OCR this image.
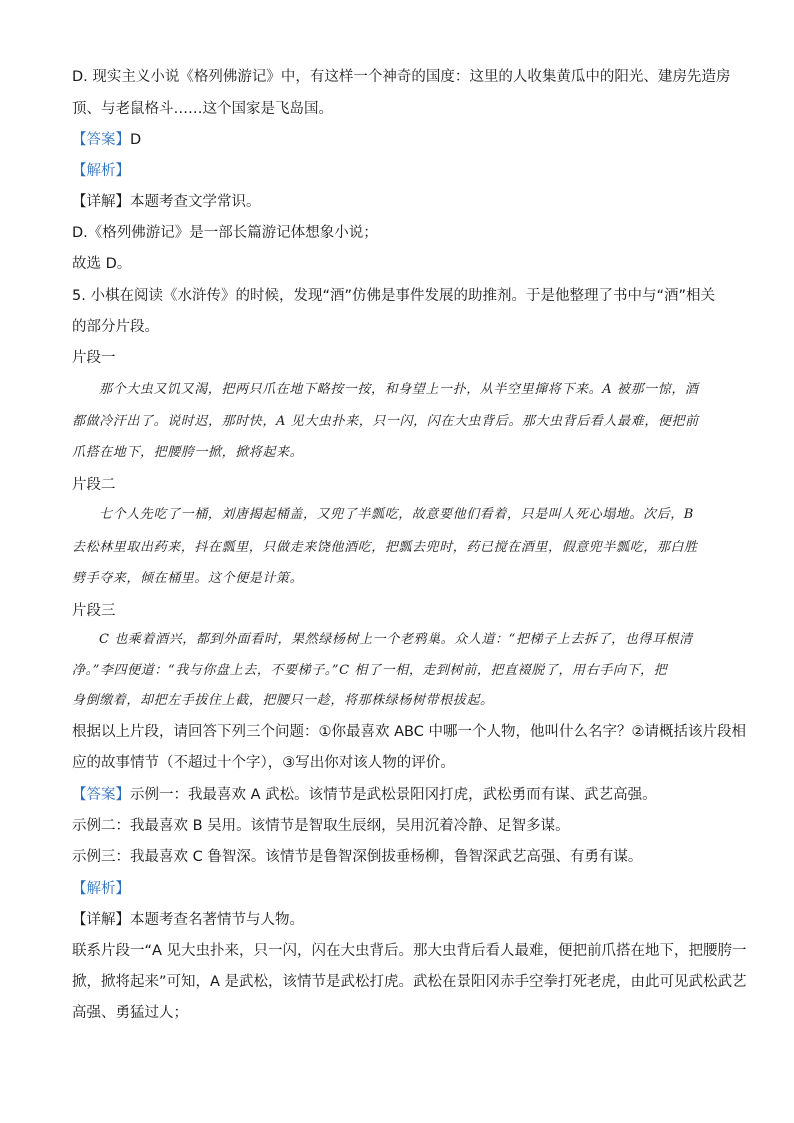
D. 现实主义小说《格列佛游记》中，有这样一个神奇的国度：这里的人收集黄瓜中的阳光、建房先造房
顶、与老鼠格斗……这个国家是飞岛国。
【答案】D
【解析】
【详解】本题考查文学常识。
D.《格列佛游记》是一部长篇游记体想象小说；
故选 D。
5. 小棋在阅读《水浒传》的时候，发现“酒”仿佛是事件发展的助推剂。于是他整理了书中与“酒”相关
的部分片段。
片段一
那个大虫又饥又渴，把两只爪在地下略按一按，和身望上一扑，从半空里撺将下来。A 被那一惊，酒
都做冷汗出了。说时迟，那时快，A 见大虫扑来，只一闪，闪在大虫背后。那大虫背后看人最难，便把前
爪搭在地下，把腰胯一掀，掀将起来。
片段二
七个人先吃了一桶，刘唐揭起桶盖，又兜了半瓢吃，故意要他们看着，只是叫人死心塌地。次后，B
去松林里取出药来，抖在瓢里，只做走来饶他酒吃，把瓢去兜时，药已搅在酒里，假意兜半瓢吃，那白胜
劈手夺来，倾在桶里。这个便是计策。
片段三
C 也乘着酒兴，都到外面看时，果然绿杨树上一个老鸦巢。众人道：“把梯子上去拆了，也得耳根清
净。”李四便道：“我与你盘上去，不要梯子。”C 相了一相，走到树前，把直裰脱了，用右手向下，把
身倒缴着，却把左手拔住上截，把腰只一趁，将那株绿杨树带根拔起。
根据以上片段，请回答下列三个问题：①你最喜欢 ABC 中哪一个人物，他叫什么名字？②请概括该片段相
应的故事情节（不超过十个字），③写出你对该人物的评价。
【答案】示例一：我最喜欢 A 武松。该情节是武松景阳冈打虎，武松勇而有谋、武艺高强。
示例二：我最喜欢 B 吴用。该情节是智取生辰纲，吴用沉着冷静、足智多谋。
示例三：我最喜欢 C 鲁智深。该情节是鲁智深倒拔垂杨柳，鲁智深武艺高强、有勇有谋。
【解析】
【详解】本题考查名著情节与人物。
联系片段一“A 见大虫扑来，只一闪，闪在大虫背后。那大虫背后看人最难，便把前爪搭在地下，把腰胯一
掀，掀将起来”可知，A 是武松，该情节是武松打虎。武松在景阳冈赤手空拳打死老虎，由此可见武松武艺
高强、勇猛过人；
